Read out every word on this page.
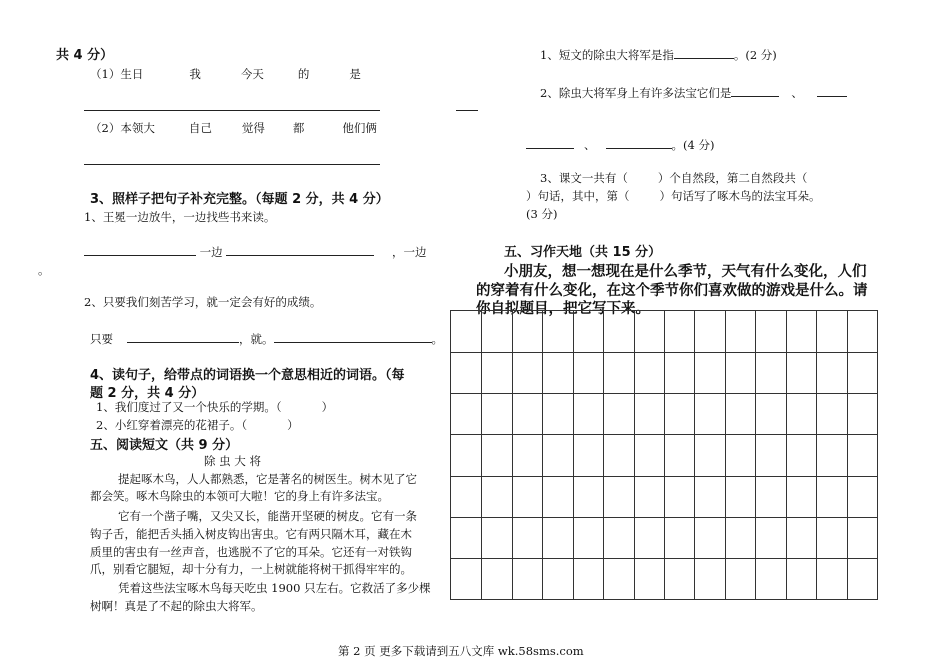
共 4 分）
（1）生日	我	今天	的	是
（2）本领大	自己	觉得 都	他们俩
3、照样子把句子补充完整。（每题 2 分，共 4 分）
1、王冕一边放牛，一边找些书来读。
一边	，一边
。
2、只要我们刻苦学习，就一定会有好的成绩。
只要	，就。	。
4、读句子，给带点的词语换一个意思相近的词语。（每
题 2 分，共 4 分）
1、我们度过了又一个快乐的学期。（	）
2、小红穿着漂亮的花裙子。（	）
五、阅读短文（共 9 分）
除 虫 大 将
提起啄木鸟，人人都熟悉，它是著名的树医生。树木见了它
都会笑。啄木鸟除虫的本领可大啦！它的身上有许多法宝。
它有一个凿子嘴，又尖又长，能凿开坚硬的树皮。它有一条
钩子舌，能把舌头插入树皮钩出害虫。它有两只隔木耳，藏在木
质里的害虫有一丝声音，也逃脱不了它的耳朵。它还有一对铁钩
爪，别看它腿短，却十分有力，一上树就能将树干抓得牢牢的。
凭着这些法宝啄木鸟每天吃虫 1900 只左右。它救活了多少棵
树啊！真是了不起的除虫大将军。
1、短文的除虫大将军是指	。(2 分)
2、除虫大将军身上有许多法宝它们是	、
、	。(4 分)
3、课文一共有（	）个自然段，第二自然段共（
）句话，其中，第（	）句话写了啄木鸟的法宝耳朵。
(3 分)
五、习作天地（共 15 分）
小朋友，想一想现在是什么季节，天气有什么变化，人们
的穿着有什么变化，在这个季节你们喜欢做的游戏是什么。请
你自拟题目，把它写下来。
第 2 页 更多下载请到五八文库 wk.58sms.com
